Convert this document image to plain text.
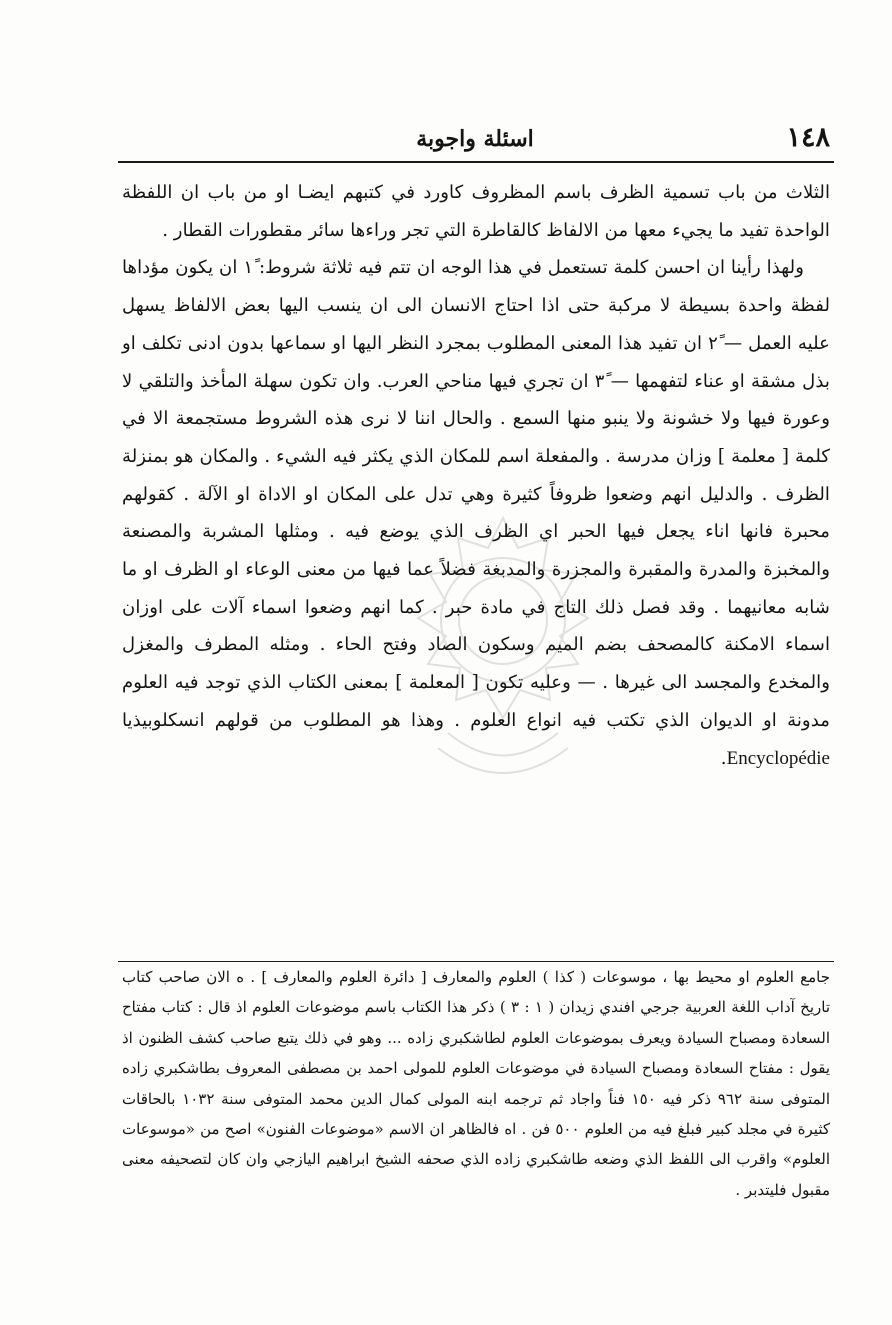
١٤٨
اسئلة واجوبة

الثلاث من باب تسمية الظرف باسم المظروف كاورد في كتبهم ايضـا او من باب ان اللفظة الواحدة تفيد ما يجيء معها من الالفاظ كالقاطرة التي تجر وراءها سائر مقطورات القطار .

ولهذا رأينا ان احسن كلمة تستعمل في هذا الوجه ان تتم فيه ثلاثة شروط: ١ً ان يكون مؤداها لفظة واحدة بسيطة لا مركبة حتى اذا احتاج الانسان الى ان ينسب اليها بعض الالفاظ يسهل عليه العمل — ٢ً ان تفيد هذا المعنى المطلوب بمجرد النظر اليها او سماعها بدون ادنى تكلف او بذل مشقة او عناء لتفهمها — ٣ً ان تجري فيها مناحي العرب. وان تكون سهلة المأخذ والتلقي لا وعورة فيها ولا خشونة ولا ينبو منها السمع . والحال اننا لا نرى هذه الشروط مستجمعة الا في كلمة [ معلمة ] وزان مدرسة . والمفعلة اسم للمكان الذي يكثر فيه الشيء . والمكان هو بمنزلة الظرف . والدليل انهم وضعوا ظروفاً كثيرة وهي تدل على المكان او الاداة او الآلة . كقولهم محبرة فانها اناء يجعل فيها الحبر اي الظرف الذي يوضع فيه . ومثلها المشربة والمصنعة والمخبزة والمدرة والمقبرة والمجزرة والمدبغة فضلاً عما فيها من معنى الوعاء او الظرف او ما شابه معانيهما . وقد فصل ذلك التاج في مادة حبر . كما انهم وضعوا اسماء آلات على اوزان اسماء الامكنة كالمصحف بضم الميم وسكون الصاد وفتح الحاء . ومثله المطرف والمغزل والمخدع والمجسد الى غيرها . — وعليه تكون [ المعلمة ] بمعنى الكتاب الذي توجد فيه العلوم مدونة او الديوان الذي تكتب فيه انواع العلوم . وهذا هو المطلوب من قولهم انسكلوبيذيا Encyclopédie.

جامع العلوم او محيط بها ، موسوعات ( كذا ) العلوم والمعارف [ دائرة العلوم والمعارف ] . ه الان صاحب كتاب تاريخ آداب اللغة العربية جرجي افندي زيدان ( ١ : ٣ ) ذكر هذا الكتاب باسم موضوعات العلوم اذ قال : كتاب مفتاح السعادة ومصباح السيادة ويعرف بموضوعات العلوم لطاشكبري زاده ... وهو في ذلك يتبع صاحب كشف الظنون اذ يقول : مفتاح السعادة ومصباح السيادة في موضوعات العلوم للمولى احمد بن مصطفى المعروف بطاشكبري زاده المتوفى سنة ٩٦٢ ذكر فيه ١٥٠ فناً واجاد ثم ترجمه ابنه المولى كمال الدين محمد المتوفى سنة ١٠٣٢ بالحاقات كثيرة في مجلد كبير فبلغ فيه من العلوم ٥٠٠ فن . اه فالظاهر ان الاسم «موضوعات الفنون» اصح من «موسوعات العلوم» واقرب الى اللفظ الذي وضعه طاشكبري زاده الذي صحفه الشيخ ابراهيم اليازجي وان كان لتصحيفه معنى مقبول فليتدبر .
